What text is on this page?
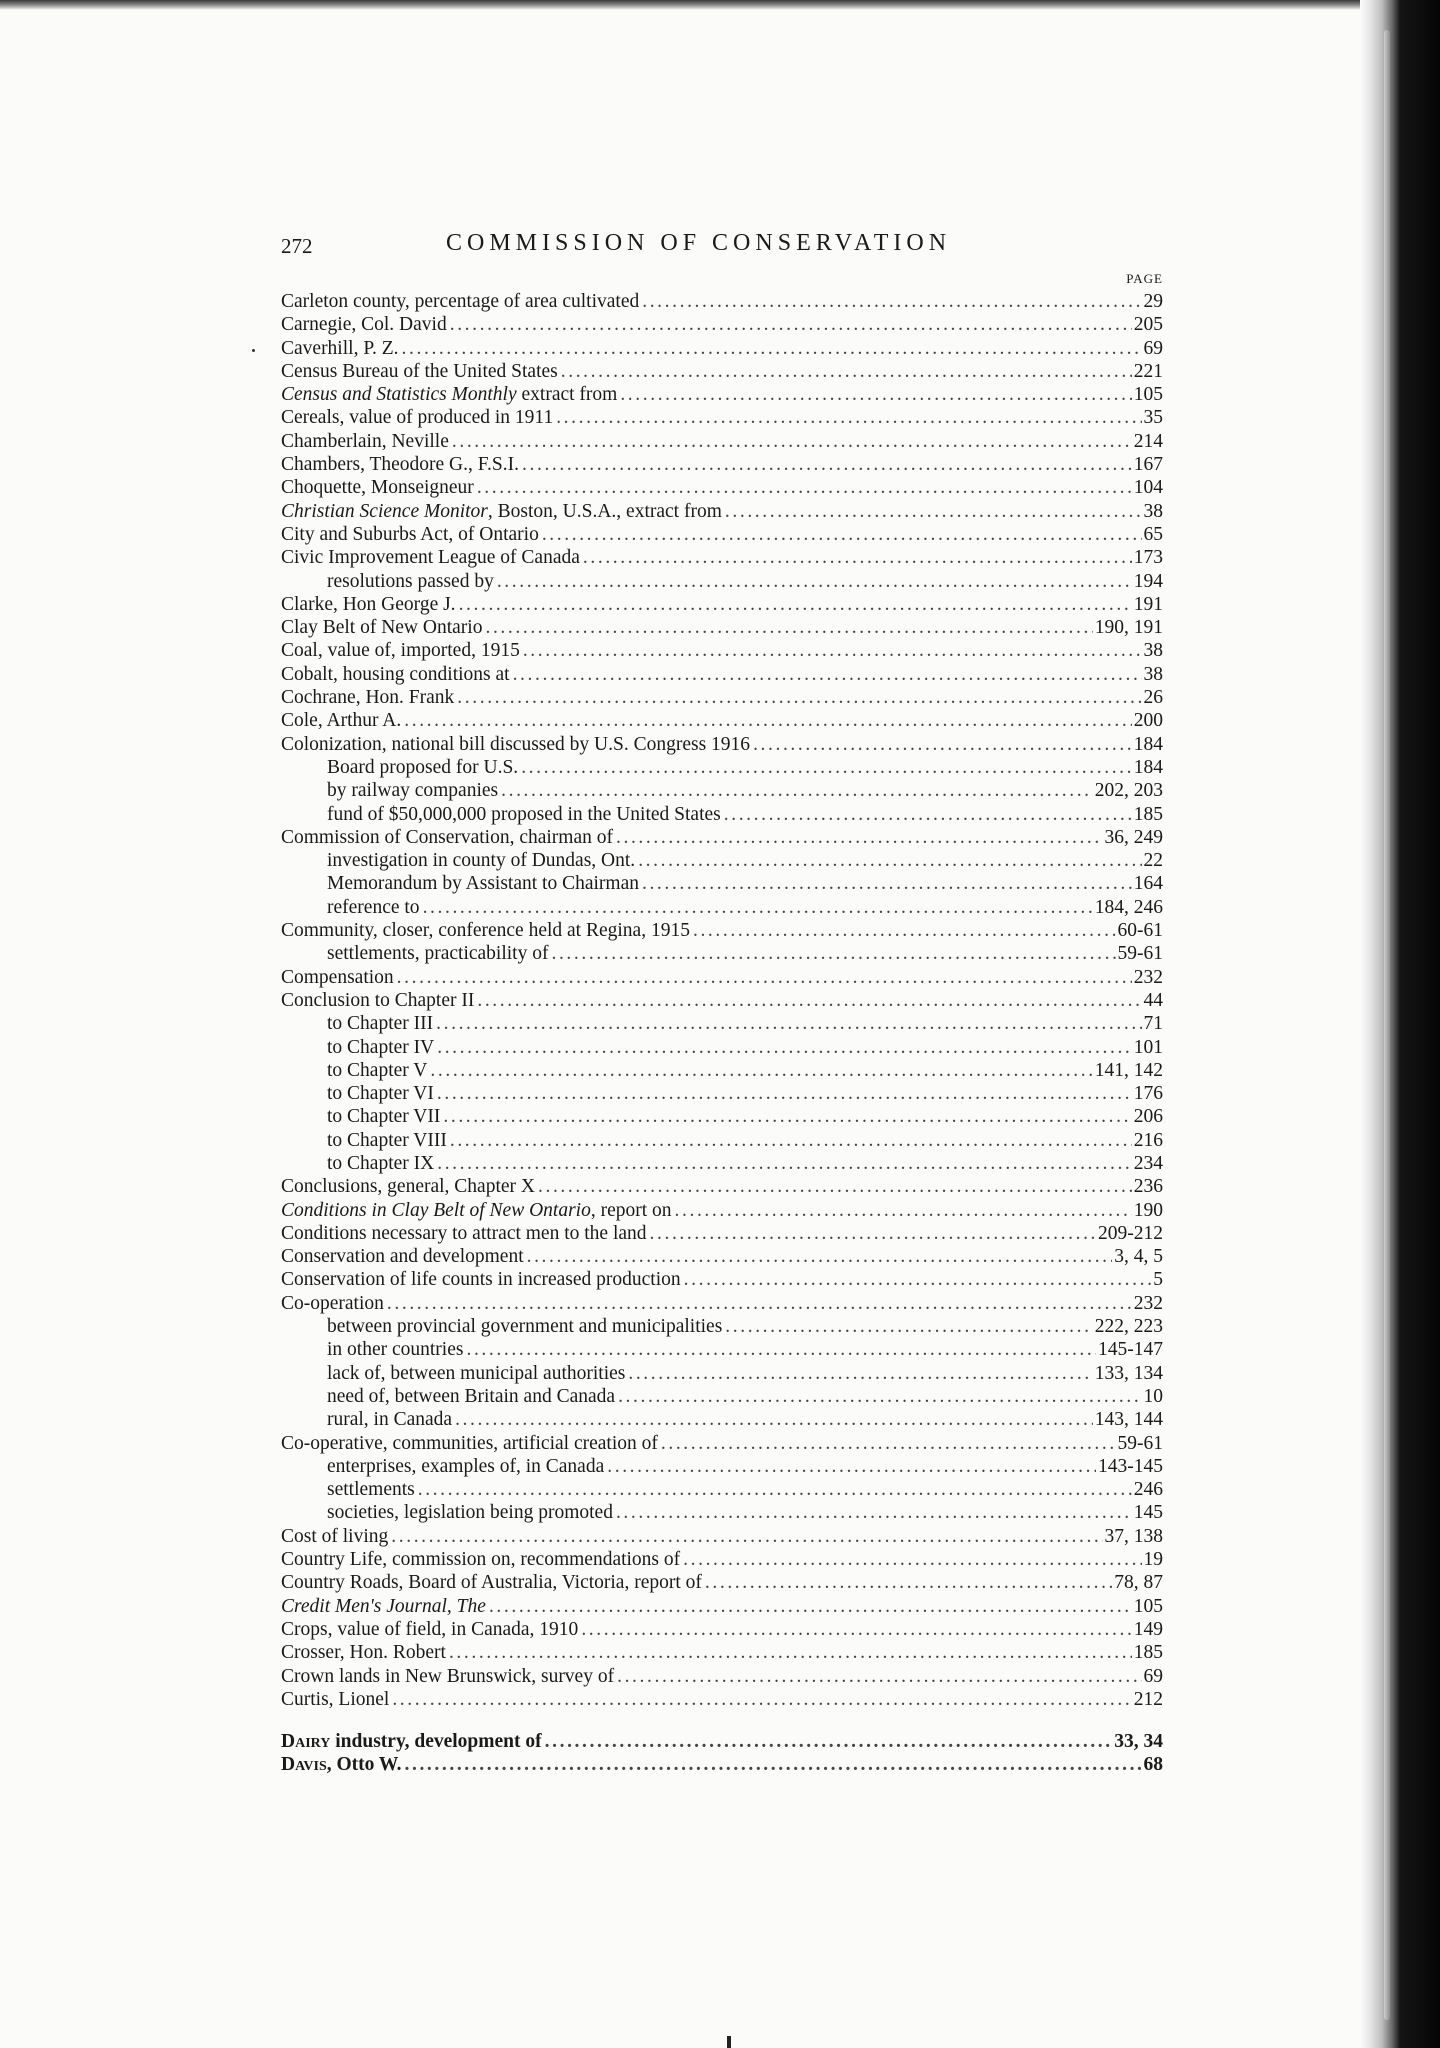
272	COMMISSION OF CONSERVATION
PAGE
Carleton county, percentage of area cultivated .....	29
Carnegie, Col. David .....	205
Caverhill, P. Z. .....	69
Census Bureau of the United States .....	221
Census and Statistics Monthly extract from .....	105
Cereals, value of produced in 1911 .....	35
Chamberlain, Neville .....	214
Chambers, Theodore G., F.S.I. .....	167
Choquette, Monseigneur .....	104
Christian Science Monitor, Boston, U.S.A., extract from .....	38
City and Suburbs Act, of Ontario .....	65
Civic Improvement League of Canada .....	173
resolutions passed by .....	194
Clarke, Hon George J. .....	191
Clay Belt of New Ontario .....	190, 191
Coal, value of, imported, 1915 .....	38
Cobalt, housing conditions at .....	38
Cochrane, Hon. Frank .....	26
Cole, Arthur A. .....	200
Colonization, national bill discussed by U.S. Congress 1916 .....	184
Board proposed for U.S. .....	184
by railway companies .....	202, 203
fund of $50,000,000 proposed in the United States .....	185
Commission of Conservation, chairman of .....	36, 249
investigation in county of Dundas, Ont. .....	22
Memorandum by Assistant to Chairman .....	164
reference to .....	184, 246
Community, closer, conference held at Regina, 1915 .....	60-61
settlements, practicability of .....	59-61
Compensation .....	232
Conclusion to Chapter II .....	44
to Chapter III .....	71
to Chapter IV .....	101
to Chapter V .....	141, 142
to Chapter VI .....	176
to Chapter VII .....	206
to Chapter VIII .....	216
to Chapter IX .....	234
Conclusions, general, Chapter X .....	236
Conditions in Clay Belt of New Ontario, report on .....	190
Conditions necessary to attract men to the land .....	209-212
Conservation and development .....	3, 4, 5
Conservation of life counts in increased production .....	5
Co-operation .....	232
between provincial government and municipalities .....	222, 223
in other countries .....	145-147
lack of, between municipal authorities .....	133, 134
need of, between Britain and Canada .....	10
rural, in Canada .....	143, 144
Co-operative, communities, artificial creation of .....	59-61
enterprises, examples of, in Canada .....	143-145
settlements .....	246
societies, legislation being promoted .....	145
Cost of living .....	37, 138
Country Life, commission on, recommendations of .....	19
Country Roads, Board of Australia, Victoria, report of .....	78, 87
Credit Men's Journal, The .....	105
Crops, value of field, in Canada, 1910 .....	149
Crosser, Hon. Robert .....	185
Crown lands in New Brunswick, survey of .....	69
Curtis, Lionel .....	212
Dairy industry, development of .....	33, 34
Davis, Otto W. .....	68
